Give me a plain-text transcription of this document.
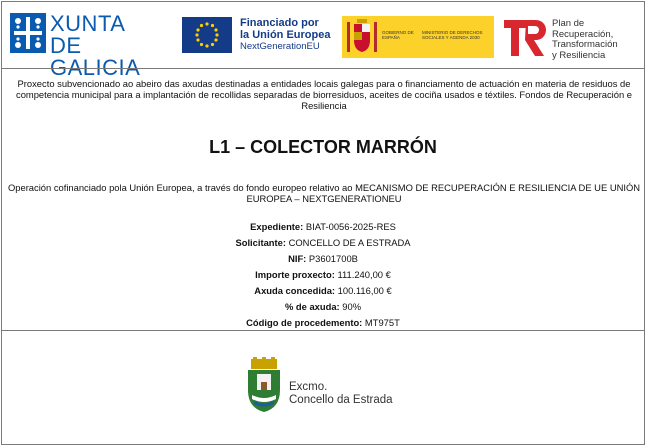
XUNTA
DE GALICIA
Financiado por
la Unión Europea
NextGenerationEU
GOBIERNO DE ESPAÑA
MINISTERIO DE DERECHOS SOCIALES Y AGENDA 2030
Plan de
Recuperación,
Transformación
y Resiliencia
Proxecto subvencionado ao abeiro das axudas destinadas a entidades locais galegas para o financiamento de actuación en materia de residuos de competencia municipal para a implantación de recollidas separadas de biorresiduos, aceites de cociña usados e téxtiles. Fondos de Recuperación e Resiliencia
L1 – COLECTOR MARRÓN
Operación cofinanciado pola Unión Europea, a través do fondo europeo relativo ao MECANISMO DE RECUPERACIÓN E RESILIENCIA DE UE UNIÓN EUROPEA – NEXTGENERATIONEU
Expediente: BIAT-0056-2025-RES
Solicitante: CONCELLO DE A ESTRADA
NIF: P3601700B
Importe proxecto: 111.240,00 €
Axuda concedida: 100.116,00 €
% de axuda: 90%
Código de procedemento: MT975T
Excmo.
Concello da Estrada
